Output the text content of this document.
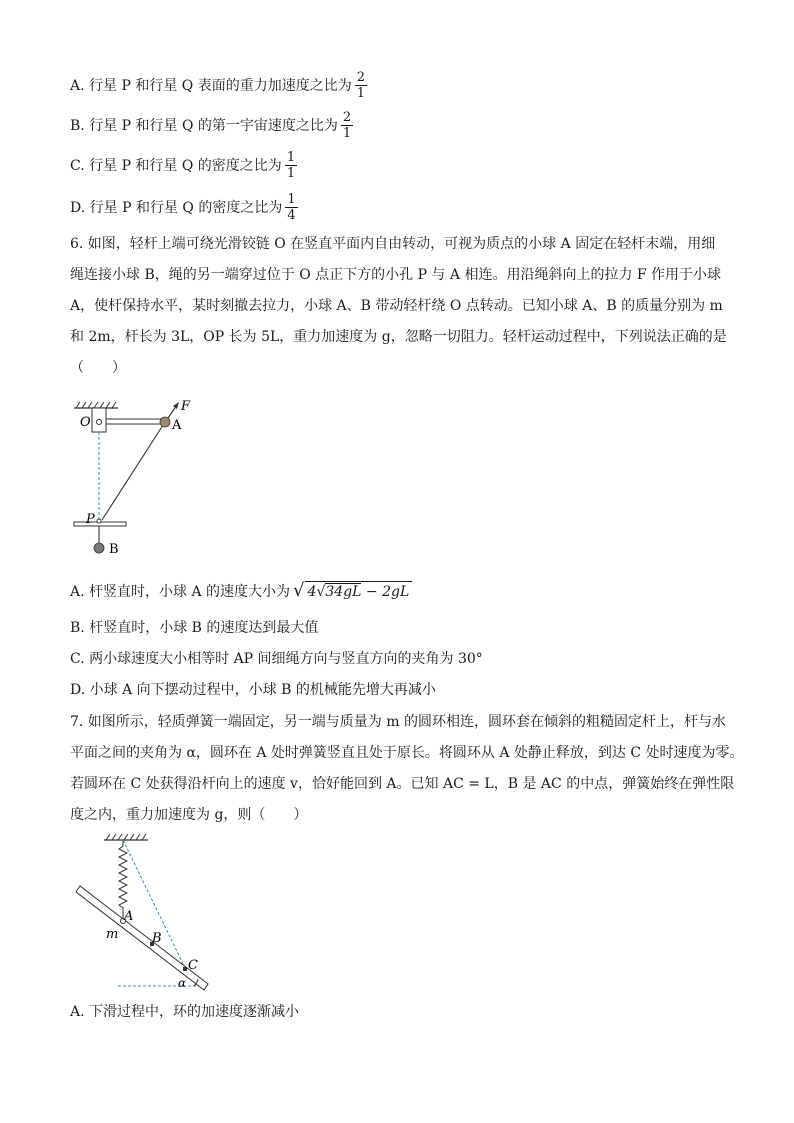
A. 行星 P 和行星 Q 表面的重力加速度之比为 $\frac{2}{1}$
B. 行星 P 和行星 Q 的第一宇宙速度之比为 $\frac{2}{1}$
C. 行星 P 和行星 Q 的密度之比为 $\frac{1}{1}$
D. 行星 P 和行星 Q 的密度之比为 $\frac{1}{4}$
6. 如图，轻杆上端可绕光滑铰链 O 在竖直平面内自由转动，可视为质点的小球 A 固定在轻杆末端，用细
绳连接小球 B，绳的另一端穿过位于 O 点正下方的小孔 P 与 A 相连。用沿绳斜向上的拉力 F 作用于小球
A，使杆保持水平，某时刻撤去拉力，小球 A、B 带动轻杆绕 O 点转动。已知小球 A、B 的质量分别为 m
和 2m，杆长为 3L，OP 长为 5L，重力加速度为 g，忽略一切阻力。轻杆运动过程中，下列说法正确的是
（　　）
O	A
F
P
B
A. 杆竖直时，小球 A 的速度大小为 √ 4√34gL − 2gL
B. 杆竖直时，小球 B 的速度达到最大值
C. 两小球速度大小相等时 AP 间细绳方向与竖直方向的夹角为 30°
D. 小球 A 向下摆动过程中，小球 B 的机械能先增大再减小
7. 如图所示，轻质弹簧一端固定，另一端与质量为 m 的圆环相连，圆环套在倾斜的粗糙固定杆上，杆与水
平面之间的夹角为 α，圆环在 A 处时弹簧竖直且处于原长。将圆环从 A 处静止释放，到达 C 处时速度为零。
若圆环在 C 处获得沿杆向上的速度 v，恰好能回到 A。已知 AC = L，B 是 AC 的中点，弹簧始终在弹性限
度之内，重力加速度为 g，则（　　）
A
m	B
C
α
A. 下滑过程中，环的加速度逐渐减小
